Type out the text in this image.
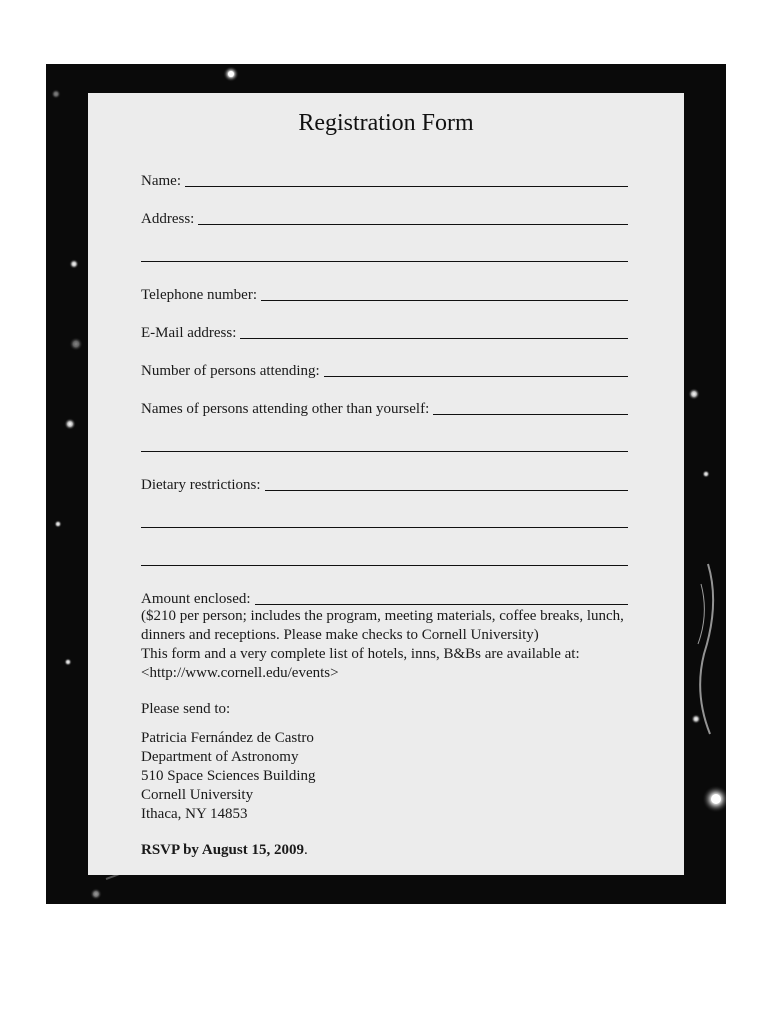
Registration Form
Name:
Address:
Telephone number:
E-Mail address:
Number of persons attending:
Names of persons attending other than yourself:
Dietary restrictions:
Amount enclosed:
($210 per person; includes the program, meeting materials, coffee breaks, lunch,
dinners and receptions. Please make checks to Cornell University)
This form and a very complete list of hotels, inns, B&Bs are available at:
<http://www.cornell.edu/events>
Please send to:
Patricia Fernández de Castro
Department of Astronomy
510 Space Sciences Building
Cornell University
Ithaca, NY 14853
RSVP by August 15, 2009.
